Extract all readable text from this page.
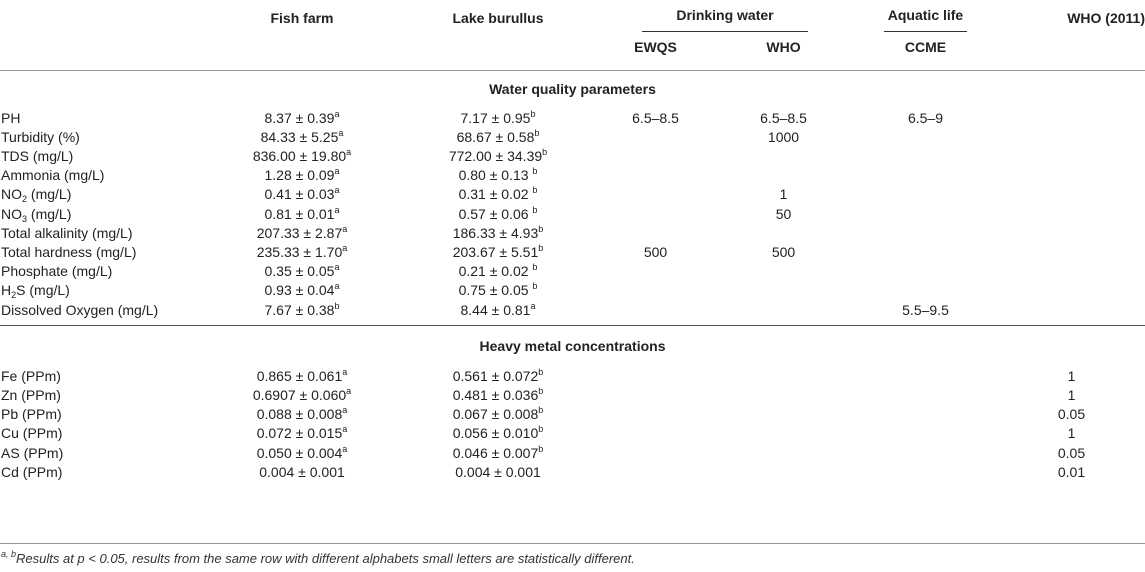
	Fish farm	Lake burullus	Drinking water		Aquatic life	WHO (2011)
			EWQS	WHO	CCME	
Water quality parameters						
PH	8.37 ± 0.39$^a$	7.17 ± 0.95$^b$	6.5–8.5	6.5–8.5	6.5–9	
Turbidity (%)	84.33 ± 5.25$^a$	68.67 ± 0.58$^b$		1000		
TDS (mg/L)	836.00 ± 19.80$^a$	772.00 ± 34.39$^b$				
Ammonia (mg/L)	1.28 ± 0.09$^a$	0.80 ± 0.13 $^b$				
$NO_2$ (mg/L)	0.41 ± 0.03$^a$	0.31 ± 0.02 $^b$		1		
$NO_3$ (mg/L)	0.81 ± 0.01$^a$	0.57 ± 0.06 $^b$		50		
Total alkalinity (mg/L)	207.33 ± 2.87$^a$	186.33 ± 4.93$^b$				
Total hardness (mg/L)	235.33 ± 1.70$^a$	203.67 ± 5.51$^b$	500	500		
Phosphate (mg/L)	0.35 ± 0.05$^a$	0.21 ± 0.02 $^b$				
$H_2S$ (mg/L)	0.93 ± 0.04$^a$	0.75 ± 0.05 $^b$				
Dissolved Oxygen (mg/L)	7.67 ± 0.38$^b$	8.44 ± 0.81$^a$			5.5–9.5	

Heavy metal concentrations						
Fe (PPm)	0.865 ± 0.061$^a$	0.561 ± 0.072$^b$				1
Zn (PPm)	0.6907 ± 0.060$^a$	0.481 ± 0.036$^b$				1
Pb (PPm)	0.088 ± 0.008$^a$	0.067 ± 0.008$^b$				0.05
Cu (PPm)	0.072 ± 0.015$^a$	0.056 ± 0.010$^b$				1
AS (PPm)	0.050 ± 0.004$^a$	0.046 ± 0.007$^b$				0.05
Cd (PPm)	0.004 ± 0.001	0.004 ± 0.001				0.01
$^{a, b}$Results at p < 0.05, results from the same row with different alphabets small letters are statistically different.
